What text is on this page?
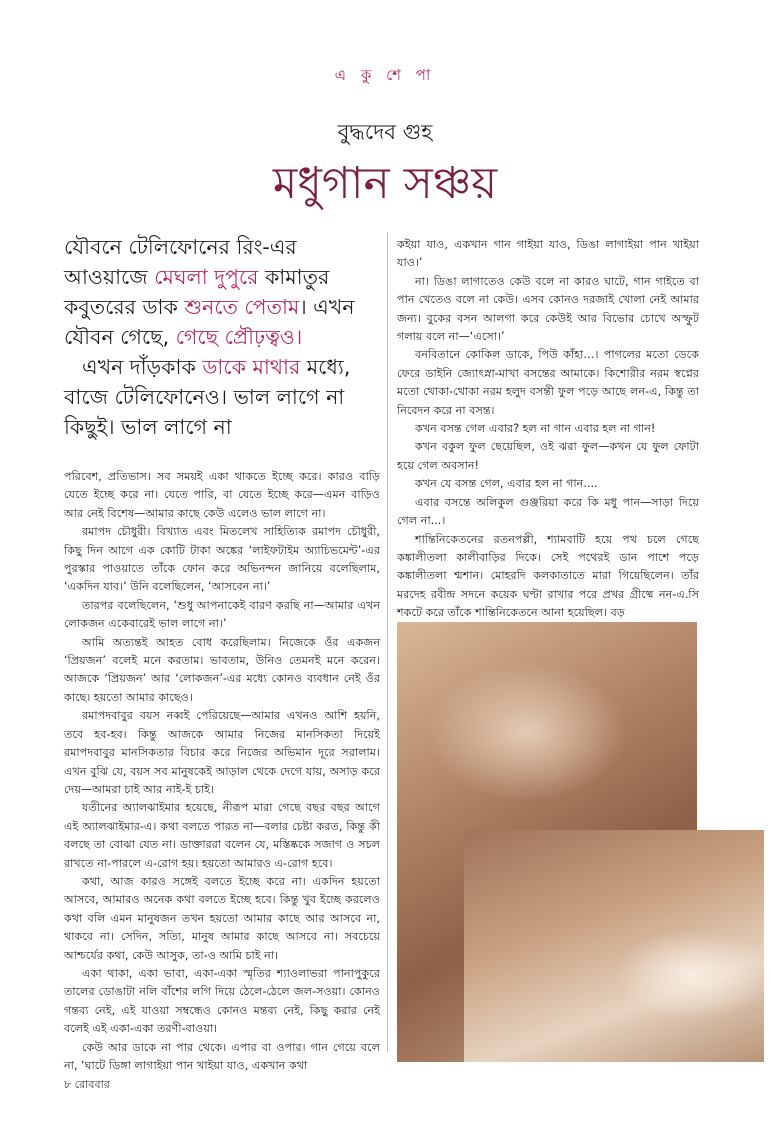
এ কু শে পা
বুদ্ধদেব গুহ
মধুগান সঞ্চয়
যৌবনে টেলিফোনের রিং-এর আওয়াজে মেঘলা দুপুরে কামাতুর কবুতরের ডাক শুনতে পেতাম। এখন যৌবন গেছে, গেছে প্রৌঢ়ত্বও।
এখন দাঁড়কাক ডাকে মাথার মধ্যে, বাজে টেলিফোনেও। ভাল লাগে না কিছুই। ভাল লাগে না

পরিবেশ, প্রতিভাস। সব সময়ই একা থাকতে ইচ্ছে করে। কারও বাড়ি যেতে ইচ্ছে করে না। যেতে পারি, বা যেতে ইচ্ছে করে—এমন বাড়িও আর নেই বিশেষ—আমার কাছে কেউ এলেও ভাল লাগে না।

রমাপদ চৌধুরী। বিখ্যাত এবং মিতলেখ সাহিত্যিক রমাপদ চৌধুরী, কিছু দিন আগে এক কোটি টাকা অঙ্কের ‘লাইফটাইম অ্যাচিভমেন্ট’-এর পুরস্কার পাওয়াতে তাঁকে ফোন করে অভিনন্দন জানিয়ে বলেছিলাম, ‘একদিন যাব।’ উনি বলেছিলেন, ‘আসবেন না।’

তারপর বলেছিলেন, ‘শুধু আপনাকেই বারণ করছি না—আমার এখন লোকজন একেবারেই ভাল লাগে না।’

আমি অত্যন্তই আহত বোধ করেছিলাম। নিজেকে ওঁর একজন ‘প্রিয়জন’ বলেই মনে করতাম। ভাবতাম, উনিও তেমনই মনে করেন। আজকে ‘প্রিয়জন’ আর ‘লোকজন’-এর মধ্যে কোনও ব্যবধান নেই ওঁর কাছে। হয়তো আমার কাছেও।

রমাপদবাবুর বয়স নব্বই পেরিয়েছে—আমার এখনও আশি হয়নি, তবে হব-হব। কিন্তু আজকে আমার নিজের মানসিকতা দিয়েই রমাপদবাবুর মানসিকতার বিচার করে নিজের অভিমান দূরে সরালাম। এখন বুঝি যে, বয়স সব মানুষকেই আড়াল থেকে দেগে যায়, অসাড় করে দেয়—আমরা চাই আর নাই-ই চাই।

যতীনের অ্যালঝাইমার হয়েছে, নীরূপ মারা গেছে বছর বছর আগে এই অ্যালঝাইমার-এ। কথা বলতে পারত না—বলার চেষ্টা করত, কিন্তু কী বলছে তা বোঝা যেত না। ডাক্তাররা বলেন যে, মস্তিষ্ককে সজাগ ও সচল রাখতে না-পারলে এ-রোগ হয়। হয়তো আমারও এ-রোগ হবে।

কথা, আজ কারও সঙ্গেই বলতে ইচ্ছে করে না। একদিন হয়তো আসবে, আমারও অনেক কথা বলতে ইচ্ছে হবে। কিন্তু খুব ইচ্ছে করলেও কথা বলি এমন মানুষজন তখন হয়তো আমার কাছে আর আসবে না, থাকবে না। সেদিন, সত্যি, মানুষ আমার কাছে আসবে না। সবচেয়ে আশ্চর্যের কথা, কেউ আসুক, তা-ও আমি চাই না।

একা থাকা, একা ভাবা, একা-একা স্মৃতির শ্যাওলাভরা পানাপুকুরে তালের ডোঙাটা নলি বাঁশের লগি দিয়ে ঠেলে-ঠেলে জল-সওয়া। কোনও গন্তব্য নেই, এই যাওয়া সম্বন্ধেও কোনও মন্তব্য নেই, কিছু করার নেই বলেই এই একা-একা তরণী-বাওয়া।

কেউ আর ডাকে না পার থেকে। এপার বা ওপার। গান গেয়ে বলে না, ‘ঘাটে ডিঙ্গা লাগাইয়া পান খাইয়া যাও, একখান কথা

কইয়া যাও, একখান গান গাইয়া যাও, ডিঙা লাগাইয়া পান খাইয়া যাও।’

না। ডিঙা লাগাতেও কেউ বলে না কারও ঘাটে, গান গাইতে বা পান খেতেও বলে না কেউ। এসব কোনও দরজাই খোলা নেই আমার জন্য। বুকের বসন আলগা করে কেউই আর বিভোর চোখে অস্ফুট গলায় বলে না—‘এসো।’

বনবিতানে কোকিল ডাকে, পিউ কাঁহা…। পাগলের মতো ডেকে ফেরে ডাইনি জ্যোৎস্না-মাখা বসন্তের আমাকে। কিশোরীর নরম স্বপ্নের মতো থোকা-থোকা নরম হলুদ বসন্তী ফুল পড়ে আছে লন-এ, কিন্তু তা নিবেদন করে না বসন্ত।

কখন বসন্ত গেল এবার? হল না গান এবার হল না গান!

কখন বকুল ফুল ছেয়েছিল, ওই ঝরা ফুল—কখন যে ফুল ফোটা হয়ে গেল অবসান!

কখন যে বসন্ত গেল, এবার হল না গান....

এবার বসন্তে অলিকুল গুঞ্জরিয়া করে কি মধু পান—সাড়া দিয়ে গেল না...।

শান্তিনিকেতনের রতনপল্লী, শ্যামবাটি হয়ে পথ চলে গেছে কঙ্কালীতলা কালীবাড়ির দিকে। সেই পথেরই ডান পাশে পড়ে কঙ্কালীতলা শ্মশান। মোহরদি কলকাতাতে মারা গিয়েছিলেন। তাঁর মরদেহ রবীন্দ্র সদনে কয়েক ঘণ্টা রাখার পরে প্রখর গ্রীষ্মে নন-এ.সি শকটে করে তাঁকে শান্তিনিকেতনে আনা হয়েছিল। বড়

৮ রোববার
